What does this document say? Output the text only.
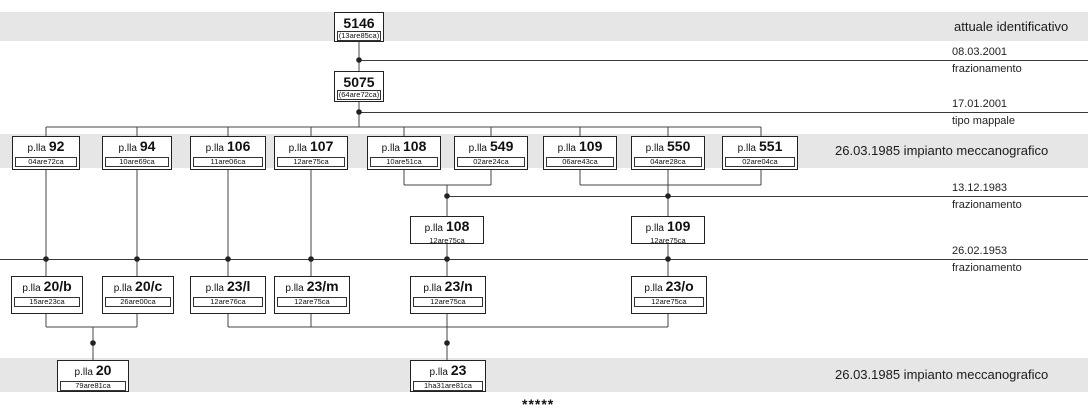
attuale identificativo
26.03.1985 impianto meccanografico
26.03.1985 impianto meccanografico
08.03.2001
frazionamento
17.01.2001
tipo mappale
13.12.1983
frazionamento
26.02.1953
frazionamento
5146
(13are85ca)
5075
(64are72ca)
p.lla 92
04are72ca
p.lla 94
10are69ca
p.lla 106
11are06ca
p.lla 107
12are75ca
p.lla 108
10are51ca
p.lla 549
02are24ca
p.lla 109
06are43ca
p.lla 550
04are28ca
p.lla 551
02are04ca
p.lla 108
12are75ca
p.lla 109
12are75ca
p.lla 20/b
15are23ca
p.lla 20/c
26are00ca
p.lla 23/l
12are76ca
p.lla 23/m
12are75ca
p.lla 23/n
12are75ca
p.lla 23/o
12are75ca
p.lla 20
79are81ca
p.lla 23
1ha31are81ca
*****
